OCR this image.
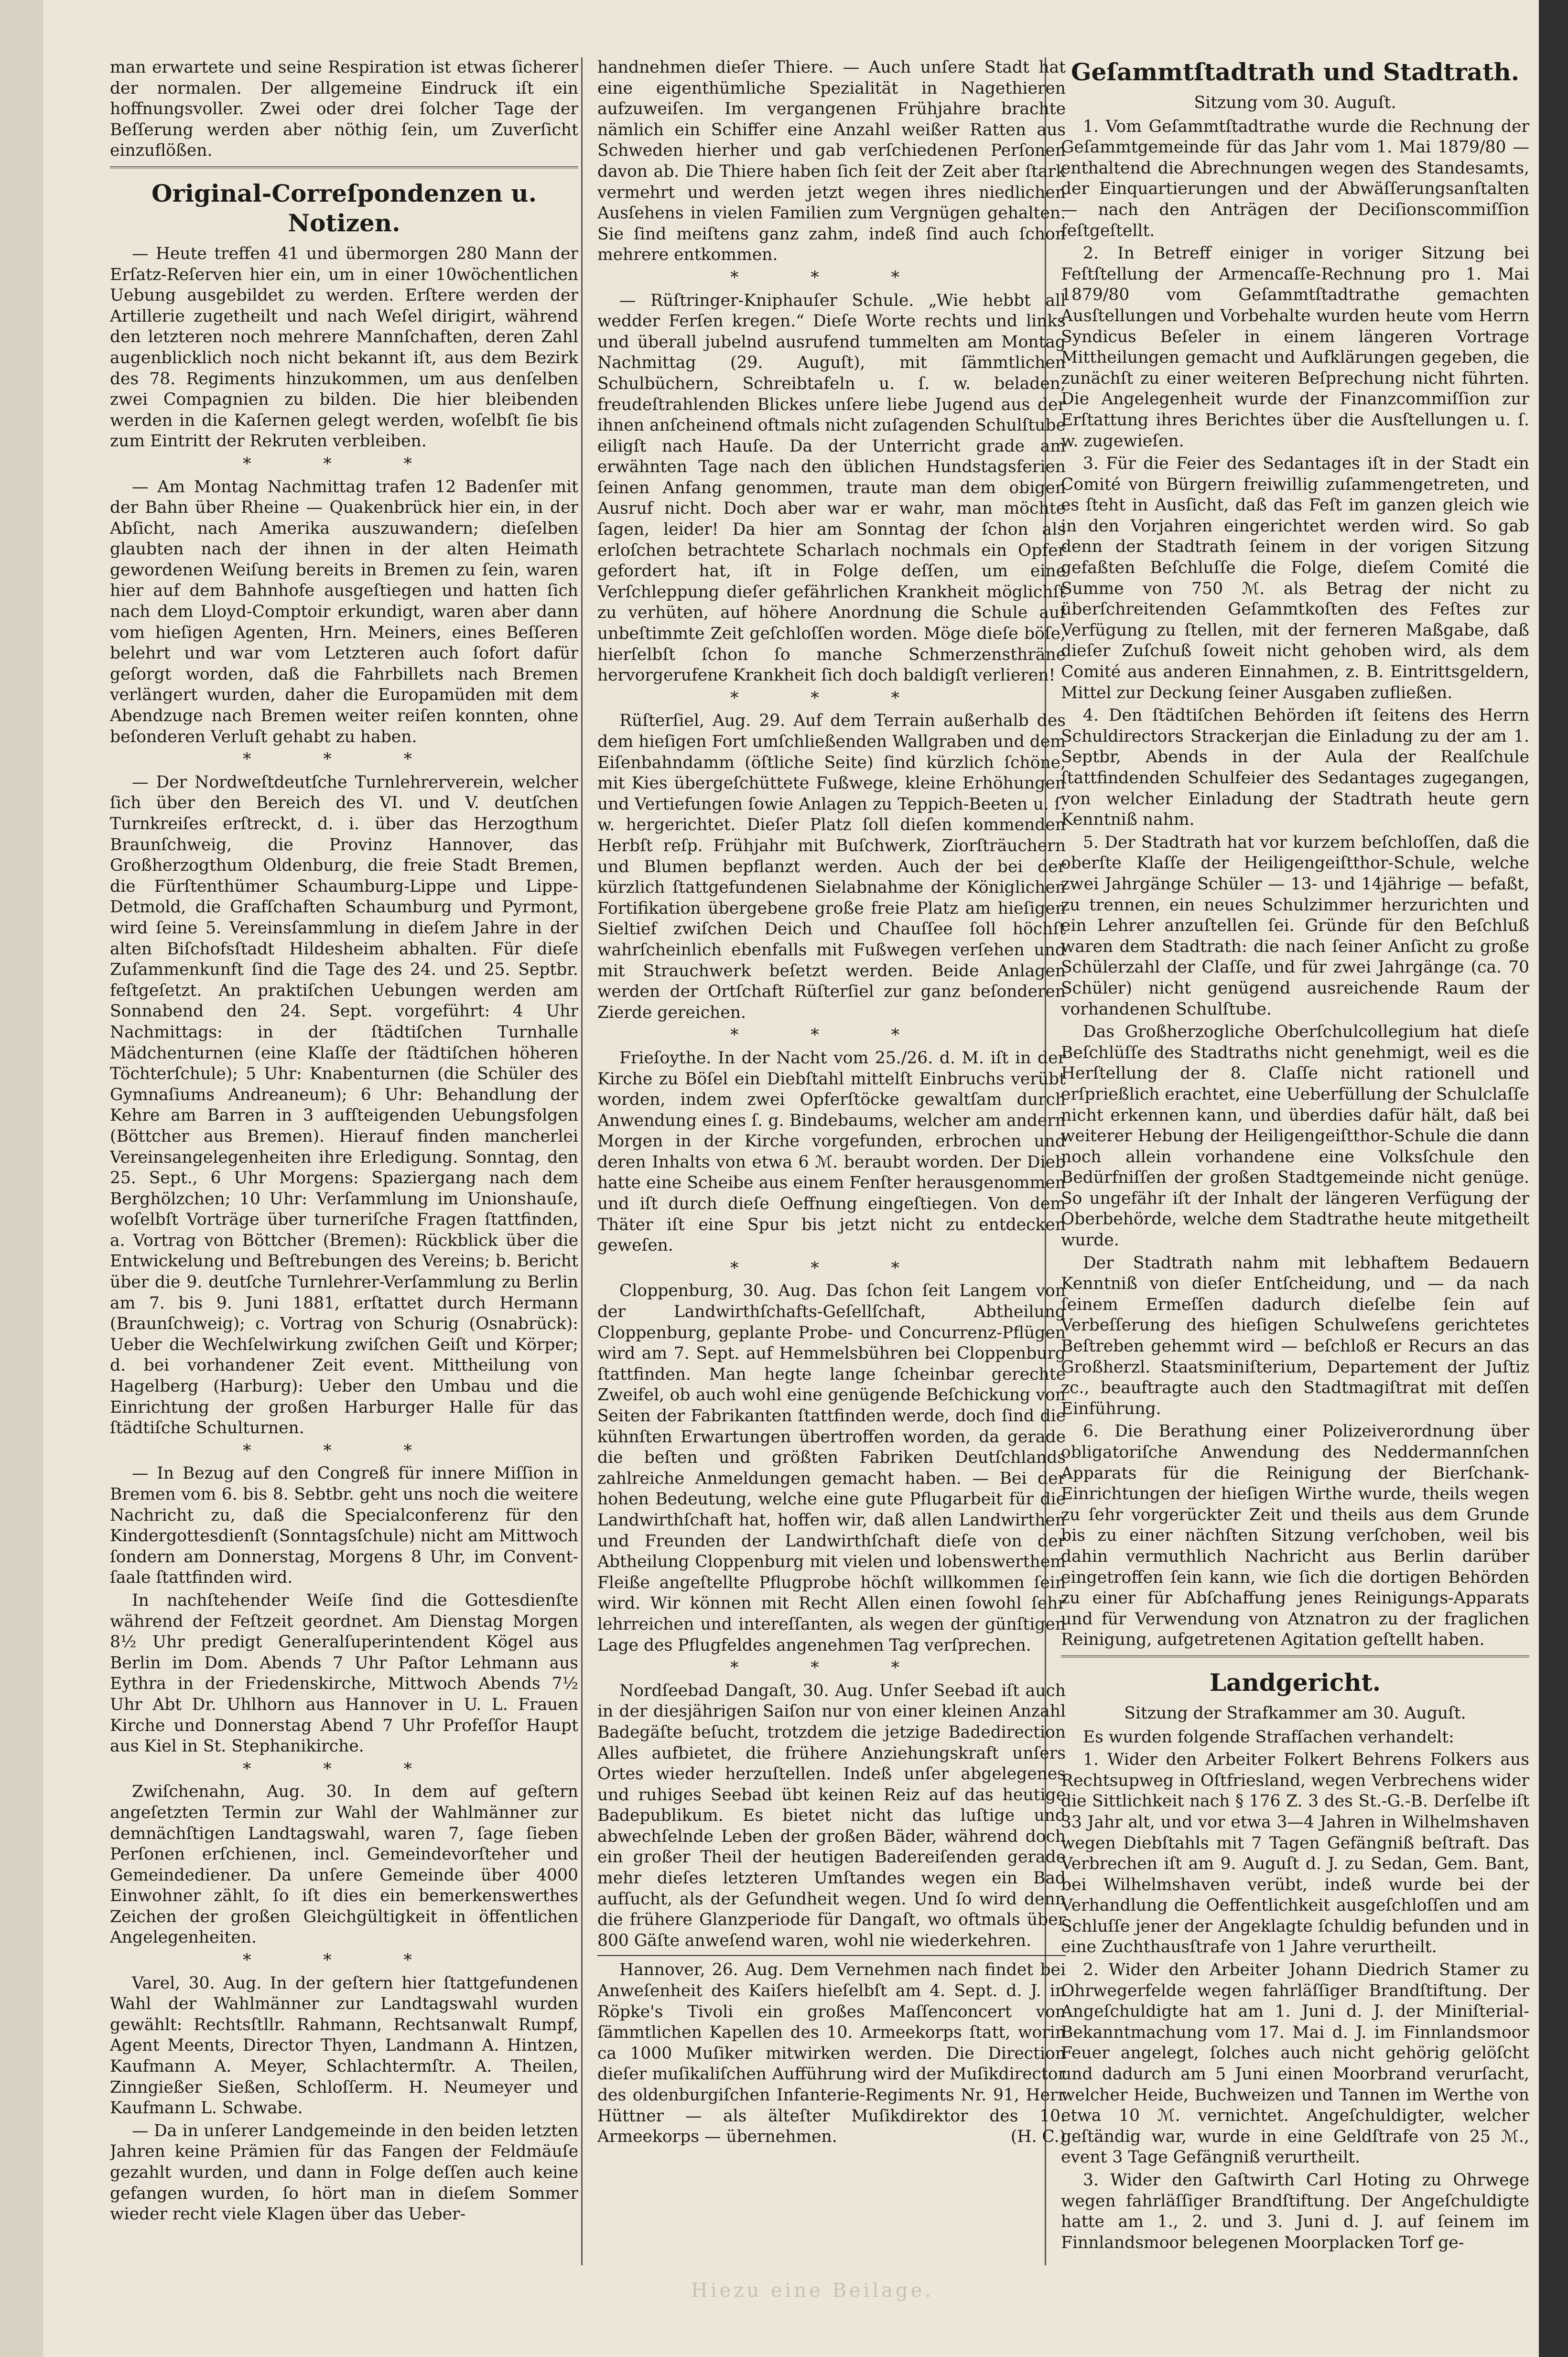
man erwartete und seine Respiration ist etwas ſicherer der normalen. Der allgemeine Eindruck iſt ein hoffnungsvoller. Zwei oder drei ſolcher Tage der Beſſerung werden aber nöthig ſein, um Zuverſicht einzuflößen.

Original-Correſpondenzen u. Notizen.

— Heute treffen 41 und übermorgen 280 Mann der Erſatz-Reſerven hier ein, um in einer 10wöchentlichen Uebung ausgebildet zu werden. Erſtere werden der Artillerie zugetheilt und nach Weſel dirigirt, während den letzteren noch mehrere Mannſchaften, deren Zahl augenblicklich noch nicht bekannt iſt, aus dem Bezirk des 78. Regiments hinzukommen, um aus denſelben zwei Compagnien zu bilden. Die hier bleibenden werden in die Kaſernen gelegt werden, woſelbſt ſie bis zum Eintritt der Rekruten verbleiben.

* * *

— Am Montag Nachmittag trafen 12 Badenſer mit der Bahn über Rheine — Quakenbrück hier ein, in der Abſicht, nach Amerika auszuwandern; dieſelben glaubten nach der ihnen in der alten Heimath gewordenen Weiſung bereits in Bremen zu ſein, waren hier auf dem Bahnhofe ausgeſtiegen und hatten ſich nach dem Lloyd-Comptoir erkundigt, waren aber dann vom hieſigen Agenten, Hrn. Meiners, eines Beſſeren belehrt und war vom Letzteren auch ſofort dafür geſorgt worden, daß die Fahrbillets nach Bremen verlängert wurden, daher die Europamüden mit dem Abendzuge nach Bremen weiter reiſen konnten, ohne beſonderen Verluſt gehabt zu haben.

* * *

— Der Nordweſtdeutſche Turnlehrerverein, welcher ſich über den Bereich des VI. und V. deutſchen Turnkreiſes erſtreckt, d. i. über das Herzogthum Braunſchweig, die Provinz Hannover, das Großherzogthum Oldenburg, die freie Stadt Bremen, die Fürſtenthümer Schaumburg-Lippe und Lippe-Detmold, die Grafſchaften Schaumburg und Pyrmont, wird ſeine 5. Vereinsſammlung in dieſem Jahre in der alten Biſchofsſtadt Hildesheim abhalten. Für dieſe Zuſammenkunft ſind die Tage des 24. und 25. Septbr. feſtgeſetzt. An praktiſchen Uebungen werden am Sonnabend den 24. Sept. vorgeführt: 4 Uhr Nachmittags: in der ſtädtiſchen Turnhalle Mädchenturnen (eine Klaſſe der ſtädtiſchen höheren Töchterſchule); 5 Uhr: Knabenturnen (die Schüler des Gymnaſiums Andreaneum); 6 Uhr: Behandlung der Kehre am Barren in 3 aufſteigenden Uebungsfolgen (Böttcher aus Bremen). Hierauf finden mancherlei Vereinsangelegenheiten ihre Erledigung. Sonntag, den 25. Sept., 6 Uhr Morgens: Spaziergang nach dem Berghölzchen; 10 Uhr: Verſammlung im Unionshauſe, woſelbſt Vorträge über turneriſche Fragen ſtattfinden, a. Vortrag von Böttcher (Bremen): Rückblick über die Entwickelung und Beſtrebungen des Vereins; b. Bericht über die 9. deutſche Turnlehrer-Verſammlung zu Berlin am 7. bis 9. Juni 1881, erſtattet durch Hermann (Braunſchweig); c. Vortrag von Schurig (Osnabrück): Ueber die Wechſelwirkung zwiſchen Geiſt und Körper; d. bei vorhandener Zeit event. Mittheilung von Hagelberg (Harburg): Ueber den Umbau und die Einrichtung der großen Harburger Halle für das ſtädtiſche Schulturnen.

* * *

— In Bezug auf den Congreß für innere Miſſion in Bremen vom 6. bis 8. Sebtbr. geht uns noch die weitere Nachricht zu, daß die Specialconferenz für den Kindergottesdienſt (Sonntagsſchule) nicht am Mittwoch ſondern am Donnerstag, Morgens 8 Uhr, im Conventſaale ſtattfinden wird.

In nachſtehender Weiſe ſind die Gottesdienſte während der Feſtzeit geordnet. Am Dienstag Morgen 8½ Uhr predigt Generalſuperintendent Kögel aus Berlin im Dom. Abends 7 Uhr Paſtor Lehmann aus Eythra in der Friedenskirche, Mittwoch Abends 7½ Uhr Abt Dr. Uhlhorn aus Hannover in U. L. Frauen Kirche und Donnerstag Abend 7 Uhr Profeſſor Haupt aus Kiel in St. Stephanikirche.

* * *

Zwiſchenahn, Aug. 30. In dem auf geſtern angeſetzten Termin zur Wahl der Wahlmänner zur demnächſtigen Landtagswahl, waren 7, ſage ſieben Perſonen erſchienen, incl. Gemeindevorſteher und Gemeindediener. Da unſere Gemeinde über 4000 Einwohner zählt, ſo iſt dies ein bemerkenswerthes Zeichen der großen Gleichgültigkeit in öffentlichen Angelegenheiten.

* * *

Varel, 30. Aug. In der geſtern hier ſtattgefundenen Wahl der Wahlmänner zur Landtagswahl wurden gewählt: Rechtsſtllr. Rahmann, Rechtsanwalt Rumpf, Agent Meents, Director Thyen, Landmann A. Hintzen, Kaufmann A. Meyer, Schlachtermſtr. A. Theilen, Zinngießer Sießen, Schloſſerm. H. Neumeyer und Kaufmann L. Schwabe.

— Da in unſerer Landgemeinde in den beiden letzten Jahren keine Prämien für das Fangen der Feldmäuſe gezahlt wurden, und dann in Folge deſſen auch keine gefangen wurden, ſo hört man in dieſem Sommer wieder recht viele Klagen über das Ueber-

handnehmen dieſer Thiere. — Auch unſere Stadt hat eine eigenthümliche Spezialität in Nagethieren aufzuweiſen. Im vergangenen Frühjahre brachte nämlich ein Schiffer eine Anzahl weißer Ratten aus Schweden hierher und gab verſchiedenen Perſonen davon ab. Die Thiere haben ſich ſeit der Zeit aber ſtark vermehrt und werden jetzt wegen ihres niedlichen Ausſehens in vielen Familien zum Vergnügen gehalten. Sie ſind meiſtens ganz zahm, indeß ſind auch ſchon mehrere entkommen.

* * *

— Rüſtringer-Kniphauſer Schule. „Wie hebbt all wedder Ferſen kregen.“ Dieſe Worte rechts und links und überall jubelnd ausrufend tummelten am Montag Nachmittag (29. Auguſt), mit ſämmtlichen Schulbüchern, Schreibtafeln u. ſ. w. beladen, freudeſtrahlenden Blickes unſere liebe Jugend aus der ihnen anſcheinend oftmals nicht zuſagenden Schulſtube eiligſt nach Hauſe. Da der Unterricht grade am erwähnten Tage nach den üblichen Hundstagsferien ſeinen Anfang genommen, traute man dem obigen Ausruf nicht. Doch aber war er wahr, man möchte ſagen, leider! Da hier am Sonntag der ſchon als erloſchen betrachtete Scharlach nochmals ein Opfer gefordert hat, iſt in Folge deſſen, um eine Verſchleppung dieſer gefährlichen Krankheit möglichſt zu verhüten, auf höhere Anordnung die Schule auf unbeſtimmte Zeit geſchloſſen worden. Möge dieſe böſe, hierſelbſt ſchon ſo manche Schmerzensthräne hervorgerufene Krankheit ſich doch baldigſt verlieren!

* * *

Rüſterſiel, Aug. 29. Auf dem Terrain außerhalb des dem hieſigen Fort umſchließenden Wallgraben und dem Eiſenbahndamm (öſtliche Seite) ſind kürzlich ſchöne, mit Kies übergeſchüttete Fußwege, kleine Erhöhungen und Vertiefungen ſowie Anlagen zu Teppich-Beeten u. ſ. w. hergerichtet. Dieſer Platz ſoll dieſen kommenden Herbſt reſp. Frühjahr mit Buſchwerk, Ziorſträuchern und Blumen bepflanzt werden. Auch der bei der kürzlich ſtattgefundenen Sielabnahme der Königlichen Fortifikation übergebene große freie Platz am hieſigen Sieltief zwiſchen Deich und Chauſſee ſoll höchſt wahrſcheinlich ebenfalls mit Fußwegen verſehen und mit Strauchwerk beſetzt werden. Beide Anlagen werden der Ortſchaft Rüſterſiel zur ganz beſonderen Zierde gereichen.

* * *

Frieſoythe. In der Nacht vom 25./26. d. M. iſt in der Kirche zu Böſel ein Diebſtahl mittelſt Einbruchs verübt worden, indem zwei Opferſtöcke gewaltſam durch Anwendung eines ſ. g. Bindebaums, welcher am andern Morgen in der Kirche vorgefunden, erbrochen und deren Inhalts von etwa 6 ℳ. beraubt worden. Der Dieb hatte eine Scheibe aus einem Fenſter herausgenommen und iſt durch dieſe Oeffnung eingeſtiegen. Von dem Thäter iſt eine Spur bis jetzt nicht zu entdecken geweſen.

* * *

Cloppenburg, 30. Aug. Das ſchon ſeit Langem von der Landwirthſchafts-Geſellſchaft, Abtheilung Cloppenburg, geplante Probe- und Concurrenz-Pflügen wird am 7. Sept. auf Hemmelsbühren bei Cloppenburg ſtattfinden. Man hegte lange ſcheinbar gerechte Zweifel, ob auch wohl eine genügende Beſchickung von Seiten der Fabrikanten ſtattfinden werde, doch ſind die kühnſten Erwartungen übertroffen worden, da gerade die beſten und größten Fabriken Deutſchlands zahlreiche Anmeldungen gemacht haben. — Bei der hohen Bedeutung, welche eine gute Pflugarbeit für die Landwirthſchaft hat, hoffen wir, daß allen Landwirthen und Freunden der Landwirthſchaft dieſe von der Abtheilung Cloppenburg mit vielen und lobenswerthem Fleiße angeſtellte Pflugprobe höchſt willkommen ſein wird. Wir können mit Recht Allen einen ſowohl ſehr lehrreichen und intereſſanten, als wegen der günſtigen Lage des Pflugfeldes angenehmen Tag verſprechen.

* * *

Nordſeebad Dangaſt, 30. Aug. Unſer Seebad iſt auch in der diesjährigen Saiſon nur von einer kleinen Anzahl Badegäſte beſucht, trotzdem die jetzige Badedirection Alles aufbietet, die frühere Anziehungskraft unſers Ortes wieder herzuſtellen. Indeß unſer abgelegenes und ruhiges Seebad übt keinen Reiz auf das heutige Badepublikum. Es bietet nicht das luſtige und abwechſelnde Leben der großen Bäder, während doch ein großer Theil der heutigen Badereiſenden gerade mehr dieſes letzteren Umſtandes wegen ein Bad aufſucht, als der Geſundheit wegen. Und ſo wird denn die frühere Glanzperiode für Dangaſt, wo oftmals über 800 Gäſte anweſend waren, wohl nie wiederkehren.

Hannover, 26. Aug. Dem Vernehmen nach findet bei Anweſenheit des Kaiſers hieſelbſt am 4. Sept. d. J. in Röpke's Tivoli ein großes Maſſenconcert von ſämmtlichen Kapellen des 10. Armeekorps ſtatt, worin ca 1000 Muſiker mitwirken werden. Die Direction dieſer muſikaliſchen Aufführung wird der Muſikdirector des oldenburgiſchen Infanterie-Regiments Nr. 91, Herr Hüttner — als älteſter Muſikdirektor des 10. Armeekorps — übernehmen.	(H. C.)

Geſammtſtadtrath und Stadtrath.

Sitzung vom 30. Auguſt.

1. Vom Geſammtſtadtrathe wurde die Rechnung der Geſammtgemeinde für das Jahr vom 1. Mai 1879/80 — enthaltend die Abrechnungen wegen des Standesamts, der Einquartierungen und der Abwäſſerungsanſtalten — nach den Anträgen der Deciſionscommiſſion feſtgeſtellt.

2. In Betreff einiger in voriger Sitzung bei Feſtſtellung der Armencaſſe-Rechnung pro 1. Mai 1879/80 vom Geſammtſtadtrathe gemachten Ausſtellungen und Vorbehalte wurden heute vom Herrn Syndicus Beſeler in einem längeren Vortrage Mittheilungen gemacht und Aufklärungen gegeben, die zunächſt zu einer weiteren Beſprechung nicht führten. Die Angelegenheit wurde der Finanzcommiſſion zur Erſtattung ihres Berichtes über die Ausſtellungen u. ſ. w. zugewieſen.

3. Für die Feier des Sedantages iſt in der Stadt ein Comité von Bürgern freiwillig zuſammengetreten, und es ſteht in Ausſicht, daß das Feſt im ganzen gleich wie in den Vorjahren eingerichtet werden wird. So gab denn der Stadtrath ſeinem in der vorigen Sitzung gefaßten Beſchluſſe die Folge, dieſem Comité die Summe von 750 ℳ. als Betrag der nicht zu überſchreitenden Geſammtkoſten des Feſtes zur Verfügung zu ſtellen, mit der ferneren Maßgabe, daß dieſer Zuſchuß ſoweit nicht gehoben wird, als dem Comité aus anderen Einnahmen, z. B. Eintrittsgeldern, Mittel zur Deckung ſeiner Ausgaben zufließen.

4. Den ſtädtiſchen Behörden iſt ſeitens des Herrn Schuldirectors Strackerjan die Einladung zu der am 1. Septbr, Abends in der Aula der Realſchule ſtattfindenden Schulfeier des Sedantages zugegangen, von welcher Einladung der Stadtrath heute gern Kenntniß nahm.

5. Der Stadtrath hat vor kurzem beſchloſſen, daß die oberſte Klaſſe der Heiligengeiſtthor-Schule, welche zwei Jahrgänge Schüler — 13- und 14jährige — befaßt, zu trennen, ein neues Schulzimmer herzurichten und ein Lehrer anzuſtellen ſei. Gründe für den Beſchluß waren dem Stadtrath: die nach ſeiner Anſicht zu große Schülerzahl der Claſſe, und für zwei Jahrgänge (ca. 70 Schüler) nicht genügend ausreichende Raum der vorhandenen Schulſtube.

Das Großherzogliche Oberſchulcollegium hat dieſe Beſchlüſſe des Stadtraths nicht genehmigt, weil es die Herſtellung der 8. Claſſe nicht rationell und erſprießlich erachtet, eine Ueberfüllung der Schulclaſſe nicht erkennen kann, und überdies dafür hält, daß bei weiterer Hebung der Heiligengeiſtthor-Schule die dann noch allein vorhandene eine Volksſchule den Bedürfniſſen der großen Stadtgemeinde nicht genüge. So ungefähr iſt der Inhalt der längeren Verfügung der Oberbehörde, welche dem Stadtrathe heute mitgetheilt wurde.

Der Stadtrath nahm mit lebhaftem Bedauern Kenntniß von dieſer Entſcheidung, und — da nach ſeinem Ermeſſen dadurch dieſelbe ſein auf Verbeſſerung des hieſigen Schulweſens gerichtetes Beſtreben gehemmt wird — beſchloß er Recurs an das Großherzl. Staatsminiſterium, Departement der Juſtiz zc., beauftragte auch den Stadtmagiſtrat mit deſſen Einführung.

6. Die Berathung einer Polizeiverordnung über obligatoriſche Anwendung des Neddermannſchen Apparats für die Reinigung der Bierſchank-Einrichtungen der hieſigen Wirthe wurde, theils wegen zu ſehr vorgerückter Zeit und theils aus dem Grunde bis zu einer nächſten Sitzung verſchoben, weil bis dahin vermuthlich Nachricht aus Berlin darüber eingetroffen ſein kann, wie ſich die dortigen Behörden zu einer für Abſchaffung jenes Reinigungs-Apparats und für Verwendung von Atznatron zu der fraglichen Reinigung, aufgetretenen Agitation geſtellt haben.

Landgericht.

Sitzung der Strafkammer am 30. Auguſt.

Es wurden folgende Strafſachen verhandelt:

1. Wider den Arbeiter Folkert Behrens Folkers aus Rechtsupweg in Oſtfriesland, wegen Verbrechens wider die Sittlichkeit nach § 176 Z. 3 des St.-G.-B. Derſelbe iſt 33 Jahr alt, und vor etwa 3—4 Jahren in Wilhelmshaven wegen Diebſtahls mit 7 Tagen Gefängniß beſtraft. Das Verbrechen iſt am 9. Auguſt d. J. zu Sedan, Gem. Bant, bei Wilhelmshaven verübt, indeß wurde bei der Verhandlung die Oeffentlichkeit ausgeſchloſſen und am Schluſſe jener der Angeklagte ſchuldig befunden und in eine Zuchthausſtrafe von 1 Jahre verurtheilt.

2. Wider den Arbeiter Johann Diedrich Stamer zu Ohrwegerfelde wegen fahrläſſiger Brandſtiftung. Der Angeſchuldigte hat am 1. Juni d. J. der Miniſterial-Bekanntmachung vom 17. Mai d. J. im Finnlandsmoor Feuer angelegt, ſolches auch nicht gehörig gelöſcht und dadurch am 5 Juni einen Moorbrand verurſacht, welcher Heide, Buchweizen und Tannen im Werthe von etwa 10 ℳ. vernichtet. Angeſchuldigter, welcher geſtändig war, wurde in eine Geldſtrafe von 25 ℳ., event 3 Tage Gefängniß verurtheilt.

3. Wider den Gaſtwirth Carl Hoting zu Ohrwege wegen fahrläſſiger Brandſtiftung. Der Angeſchuldigte hatte am 1., 2. und 3. Juni d. J. auf ſeinem im Finnlandsmoor belegenen Moorplacken Torf ge-

Hiezu eine Beilage.
